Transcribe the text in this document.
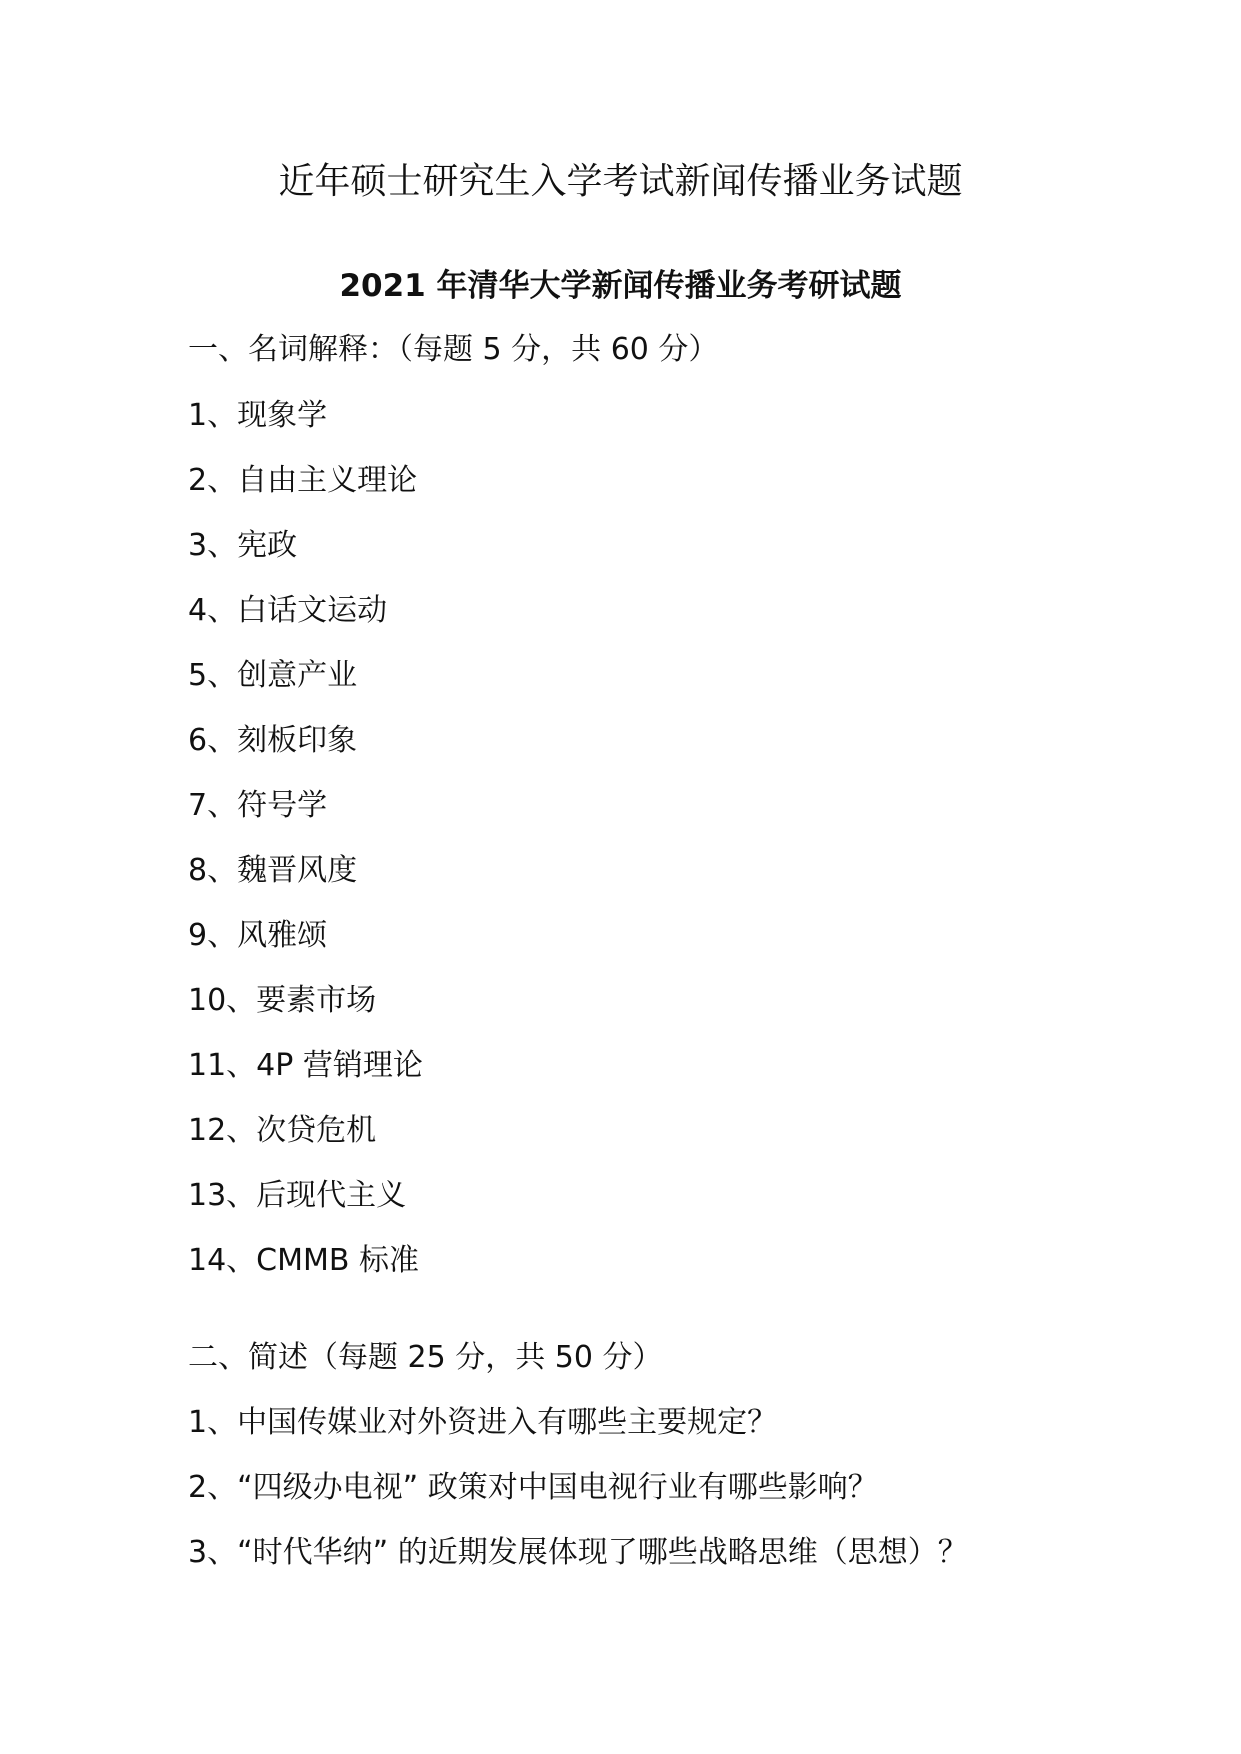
近年硕士研究生入学考试新闻传播业务试题
2021 年清华大学新闻传播业务考研试题
一、名词解释：（每题 5 分，共 60 分）
1、现象学
2、自由主义理论
3、宪政
4、白话文运动
5、创意产业
6、刻板印象
7、符号学
8、魏晋风度
9、风雅颂
10、要素市场
11、4P 营销理论
12、次贷危机
13、后现代主义
14、CMMB 标准
二、简述（每题 25 分，共 50 分）
1、中国传媒业对外资进入有哪些主要规定？
2、“四级办电视” 政策对中国电视行业有哪些影响？
3、“时代华纳” 的近期发展体现了哪些战略思维（思想）？
